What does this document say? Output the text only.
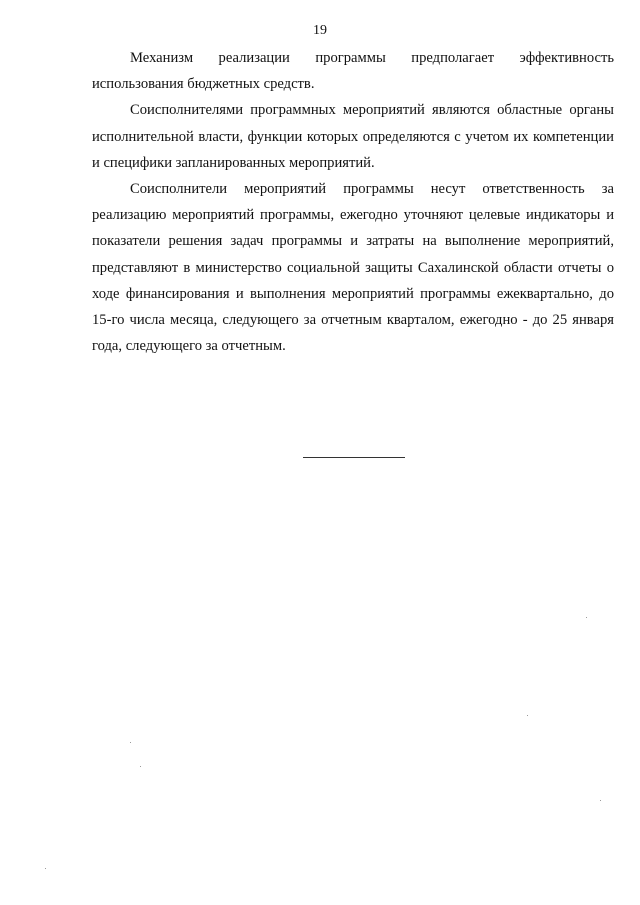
19

Механизм реализации программы предполагает эффективность использования бюджетных средств.

Соисполнителями программных мероприятий являются областные органы исполнительной власти, функции которых определяются с учетом их компетенции и специфики запланированных мероприятий.

Соисполнители мероприятий программы несут ответственность за реализацию мероприятий программы, ежегодно уточняют целевые индикаторы и показатели решения задач программы и затраты на выполнение мероприятий, представляют в министерство социальной защиты Сахалинской области отчеты о ходе финансирования и выполнения мероприятий программы ежеквартально, до 15-го числа месяца, следующего за отчетным кварталом, ежегодно - до 25 января года, следующего за отчетным.
